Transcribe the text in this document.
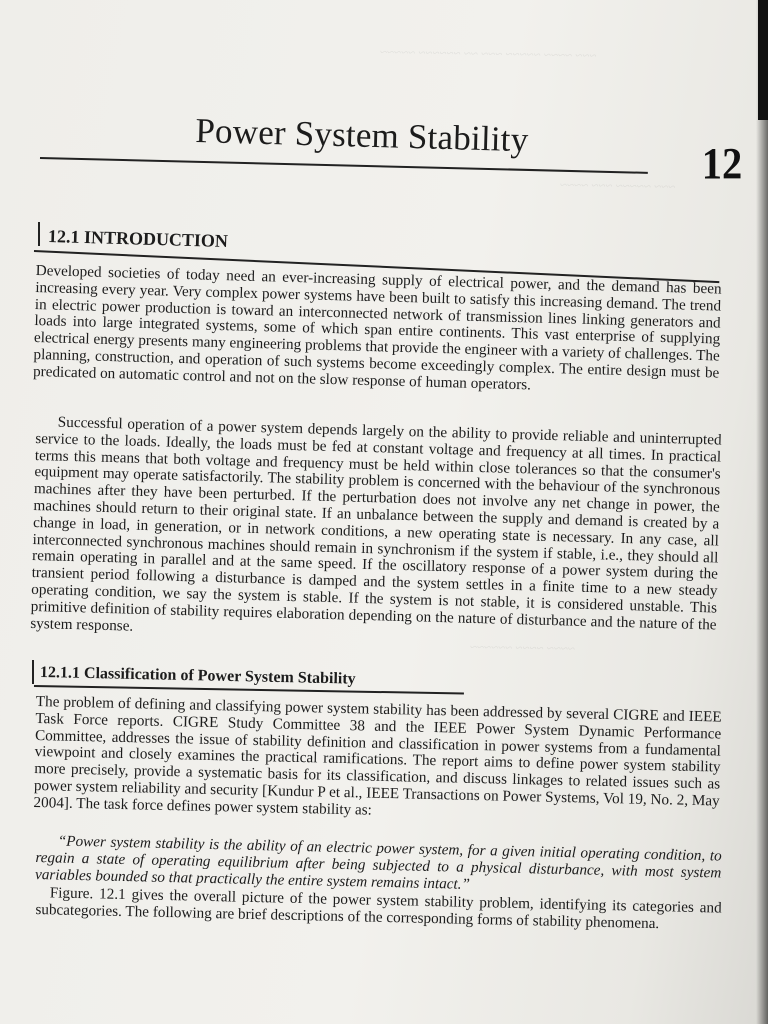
~~~ ~~~~ ~~~~~ ~~~ ~~ ~~~~~~ ~~~~~
~~~ ~~~~~ ~~~ ~~~~
~~~~ ~~~~ ~~~~~~
Power System Stability
12
12.1 INTRODUCTION

Developed societies of today need an ever-increasing supply of electrical power, and the demand has been increasing every year. Very complex power systems have been built to satisfy this increasing demand. The trend in electric power production is toward an interconnected network of transmission lines linking generators and loads into large integrated systems, some of which span entire continents. This vast enterprise of supplying electrical energy presents many engineering problems that provide the engineer with a variety of challenges. The planning, construction, and operation of such systems become exceedingly complex. The entire design must be predicated on automatic control and not on the slow response of human operators.

Successful operation of a power system depends largely on the ability to provide reliable and uninterrupted service to the loads. Ideally, the loads must be fed at constant voltage and frequency at all times. In practical terms this means that both voltage and frequency must be held within close tolerances so that the consumer's equipment may operate satisfactorily. The stability problem is concerned with the behaviour of the synchronous machines after they have been perturbed. If the perturbation does not involve any net change in power, the machines should return to their original state. If an unbalance between the supply and demand is created by a change in load, in generation, or in network conditions, a new operating state is necessary. In any case, all interconnected synchronous machines should remain in synchronism if the system if stable, i.e., they should all remain operating in parallel and at the same speed. If the oscillatory response of a power system during the transient period following a disturbance is damped and the system settles in a finite time to a new steady operating condition, we say the system is stable. If the system is not stable, it is considered unstable. This primitive definition of stability requires elaboration depending on the nature of disturbance and the nature of the system response.

12.1.1 Classification of Power System Stability

The problem of defining and classifying power system stability has been addressed by several CIGRE and IEEE Task Force reports. CIGRE Study Committee 38 and the IEEE Power System Dynamic Performance Committee, addresses the issue of stability definition and classification in power systems from a fundamental viewpoint and closely examines the practical ramifications. The report aims to define power system stability more precisely, provide a systematic basis for its classification, and discuss linkages to related issues such as power system reliability and security [Kundur P et al., IEEE Transactions on Power Systems, Vol 19, No. 2, May 2004]. The task force defines power system stability as:

“Power system stability is the ability of an electric power system, for a given initial operating condition, to regain a state of operating equilibrium after being subjected to a physical disturbance, with most system variables bounded so that practically the entire system remains intact.”

Figure. 12.1 gives the overall picture of the power system stability problem, identifying its categories and subcategories. The following are brief descriptions of the corresponding forms of stability phenomena.
